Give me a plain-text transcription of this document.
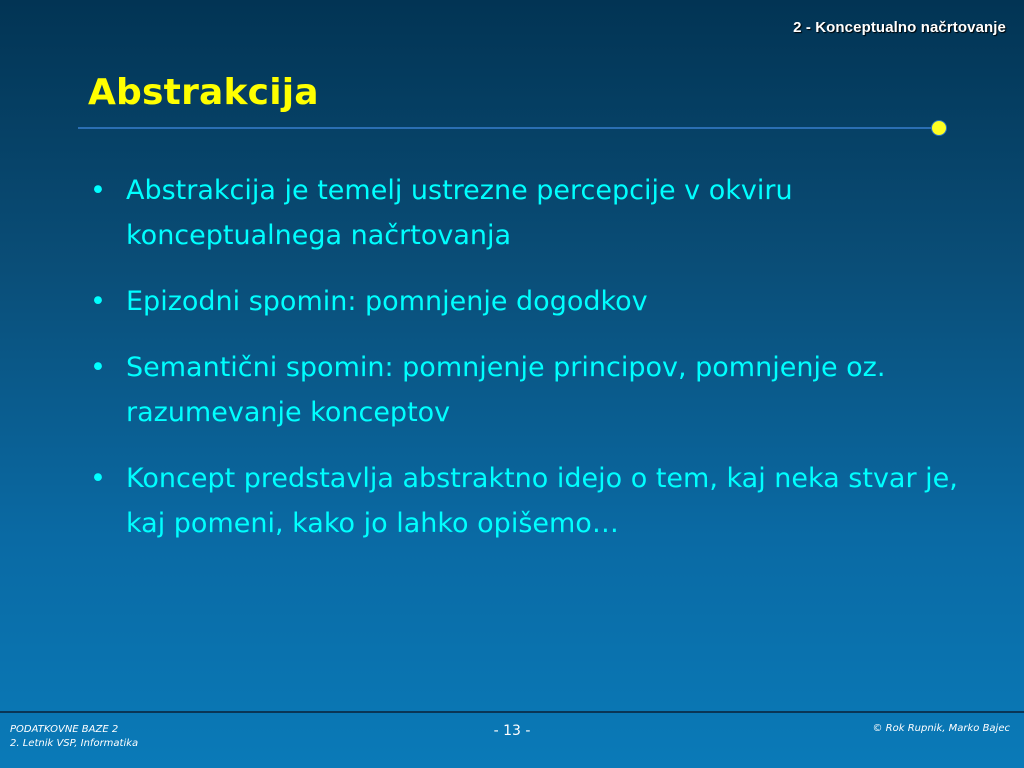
2 - Konceptualno načrtovanje
Abstrakcija
• Abstrakcija je temelj ustrezne percepcije v okviru konceptualnega načrtovanja
• Epizodni spomin: pomnjenje dogodkov
• Semantični spomin: pomnjenje principov, pomnjenje oz. razumevanje konceptov
• Koncept predstavlja abstraktno idejo o tem, kaj neka stvar je, kaj pomeni, kako jo lahko opišemo…
PODATKOVNE BAZE 2
2. Letnik VSP, Informatika
- 13 -	© Rok Rupnik, Marko Bajec
